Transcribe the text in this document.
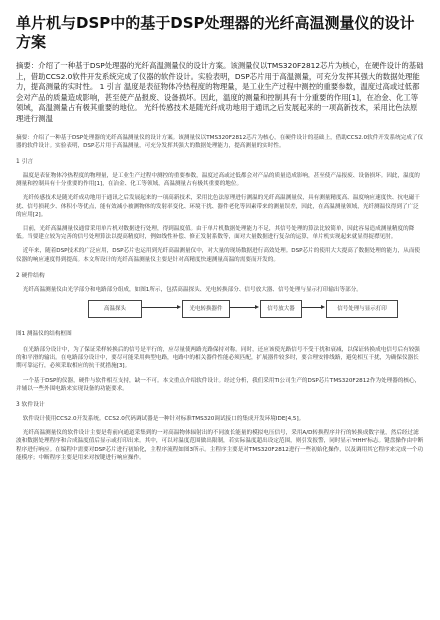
单片机与DSP中的基于DSP处理器的光纤高温测量仪的设计方案

摘要：介绍了一种基于DSP处理器的光纤高温测量仪的设计方案。该测量仪以TMS320F2812芯片为核心，在硬件设计的基础上，借助CCS2.0软件开发系统完成了仪器的软件设计。实验表明，DSP芯片用于高温测量，可充分发挥其强大的数据处理能力，提高测量的实时性。 1 引言 温度是表征物体冷热程度的物理量，是工业生产过程中测控的重要参数，温度过高或过低都会对产品的质量造成影响，甚至使产品报废、设备损坏。因此，温度的测量和控制具有十分重要的作用[1]，在冶金、化工等领域，高温测量占有极其重要的地位。 光纤传感技术是随光纤成功地用于通讯之后发展起来的一项高新技术，采用比色法原理进行测温

摘要：介绍了一种基于DSP处理器的光纤高温测量仪的设计方案。该测量仪以TMS320F2812芯片为核心，在硬件设计的基础上，借助CCS2.0软件开发系统完成了仪器的软件设计。实验表明，DSP芯片用于高温测量，可充分发挥其强大的数据处理能力，提高测量的实时性。

1 引言

温度是表征物体冷热程度的物理量，是工业生产过程中测控的重要参数，温度过高或过低都会对产品的质量造成影响，甚至使产品报废、设备损坏。因此，温度的测量和控制具有十分重要的作用[1]，在冶金、化工等领域，高温测量占有极其重要的地位。

光纤传感技术是随光纤成功地用于通讯之后发展起来的一项高新技术，采用比色法原理进行测温的光纤高温测量仪，具有测量精度高、温度响应速度快、抗电磁干扰、信号损耗少、体积小等优点，能有效减小被测物体的发射率变化、环境干扰、器件老化等因素带来的测量误差，因此，在高温测量领域，光纤测温仪得到了广泛的应用[2]。

目前，光纤高温测量仪通常采用单片机对数据进行处理，得到温度值。由于单片机数据处理能力不足，其信号处理的算法比较简单，因此容易造成测量精度的降低。当要建立较为完善的信号处理算法以提高精度时，例如线性补偿、修正发射系数等，面对大量数据进行复杂的运算，单片机实现起来就显得捉襟见肘。

近年来，随着DSP技术的广泛应用，DSP芯片也运用到光纤高温测量仪中，对大量的现场数据进行高效处理。DSP芯片的使用大大提高了数据处理的能力，从而使仪器的响应速度得到提高。本文所设计的光纤高温测量仪主要是针对高精度快速测量高温的需要而开发的。

2 硬件结构

光纤高温测量仪由光学部分和电路部分组成，如图1所示，包括高温探头、光电转换部分、信号放大器、信号处理与显示打印输出等部分。

高温探头	光电转换器件	信号放大器	信号处理与显示打印
图1 测温仪的结构框图

在光路部分设计中，为了保证采样转换后的信号是平行的，应尽量使两路光路保持对称。同时，还应该使光路信号不受干扰和衰减，以保证转换成电信号后有较强的和平滑的输出。在电路部分设计中，要尽可能采用典型电路，电路中的相关器件性能必须匹配，扩展器件较多时，要合理安排线路，避免相互干扰，为确保仪器长期可靠运行，必须采取相应的抗干扰措施[3]。

一个基于DSP的仪器，硬件与软件相互支持，缺一不可。本文重点介绍软件设计。经过分析，我们采用TI公司生产的DSP芯片TMS320F2812作为处理器的核心，并辅以一些外围电路来实现设备的功能要求。

3 软件设计

软件设计使用CCS2.0开发系统。CCS2.0代码调试器是一种针对标准TMS320调试接口的集成开发环境IDE[4,5]。

光纤高温测量仪的软件设计主要是将前向通道采集到的一对高温物体辐射出的不同波长能量的模拟电压信号，采用A/D转换程序并行的转换成数字量，然后经过滤波和数据处理程序和合成温度值后显示或打印出来。其中，可以对温度范围做出限制，若实际温度超出设定范围，则引发报警，同时显示'HHH'标志。键盘操作由中断程序进行响应。在编程中需要对DSP芯片进行初始化，主程序流程如图3所示。主程序主要是对TMS320F2812进行一些初始化操作，以及调用其它程序来完成一个功能模序；中断程序主要是用来对按键进行响应操作。
